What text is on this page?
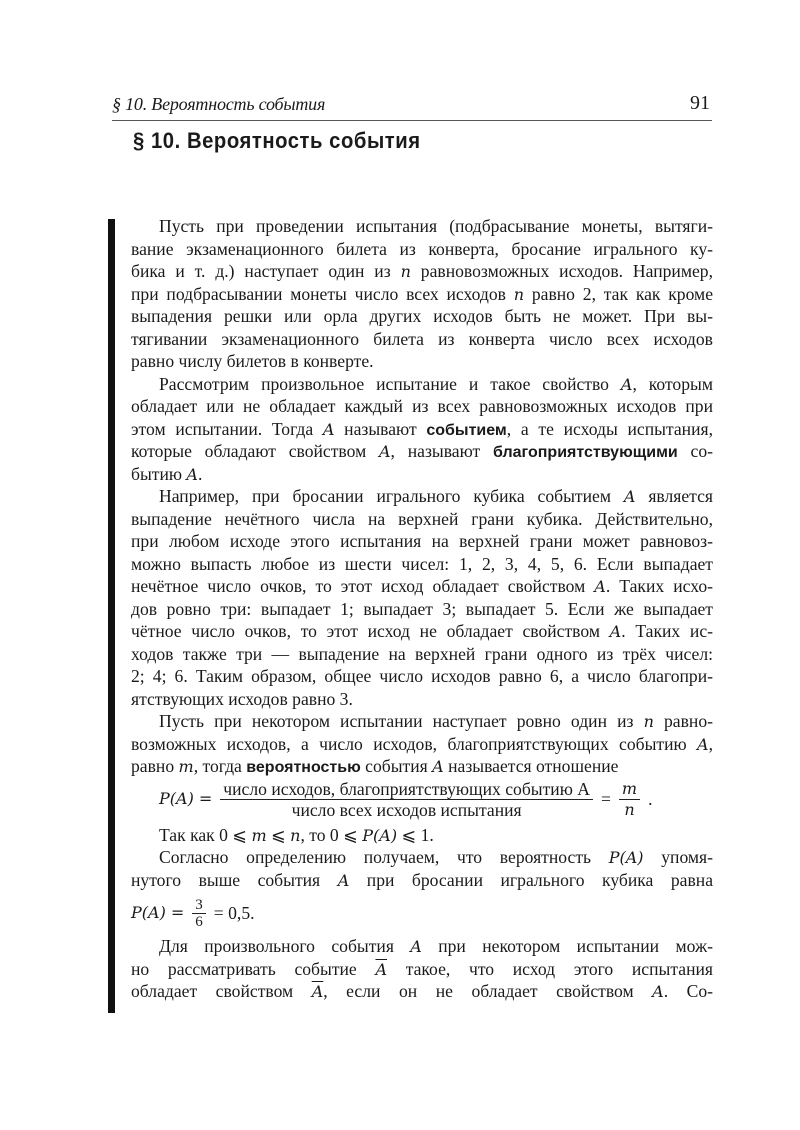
§ 10. Вероятность события	91
§ 10. Вероятность события
Пусть при проведении испытания (подбрасывание монеты, вытяги-
вание экзаменационного билета из конверта, бросание игрального ку-
бика и т. д.) наступает один из n равновозможных исходов. Например,
при подбрасывании монеты число всех исходов n равно 2, так как кроме
выпадения решки или орла других исходов быть не может. При вы-
тягивании экзаменационного билета из конверта число всех исходов
равно числу билетов в конверте.
Рассмотрим произвольное испытание и такое свойство A, которым
обладает или не обладает каждый из всех равновозможных исходов при
этом испытании. Тогда A называют событием, а те исходы испытания,
которые обладают свойством A, называют благоприятствующими со-
бытию A.
Например, при бросании игрального кубика событием A является
выпадение нечётного числа на верхней грани кубика. Действительно,
при любом исходе этого испытания на верхней грани может равновоз-
можно выпасть любое из шести чисел: 1, 2, 3, 4, 5, 6. Если выпадает
нечётное число очков, то этот исход обладает свойством A. Таких исхо-
дов ровно три: выпадает 1; выпадает 3; выпадает 5. Если же выпадает
чётное число очков, то этот исход не обладает свойством A. Таких ис-
ходов также три — выпадение на верхней грани одного из трёх чисел:
2; 4; 6. Таким образом, общее число исходов равно 6, а число благопри-
ятствующих исходов равно 3.
Пусть при некотором испытании наступает ровно один из n равно-
возможных исходов, а число исходов, благоприятствующих событию A,
равно m, тогда вероятностью события A называется отношение
$P(A) = \frac{\text{число исходов, благоприятствующих событию A}}{\text{число всех исходов испытания}} = \frac{m}{n}$ .
Так как 0 ⩽ m ⩽ n, то 0 ⩽ P(A) ⩽ 1.
Согласно определению получаем, что вероятность P(A) упомя-
нутого выше события A при бросании игрального кубика равна
$P(A) = \frac{3}{6} = 0,5$.
Для произвольного события A при некотором испытании мож-
но рассматривать событие $\overline{A}$ такое, что исход этого испытания
обладает свойством $\overline{A}$, если он не обладает свойством A. Со-
